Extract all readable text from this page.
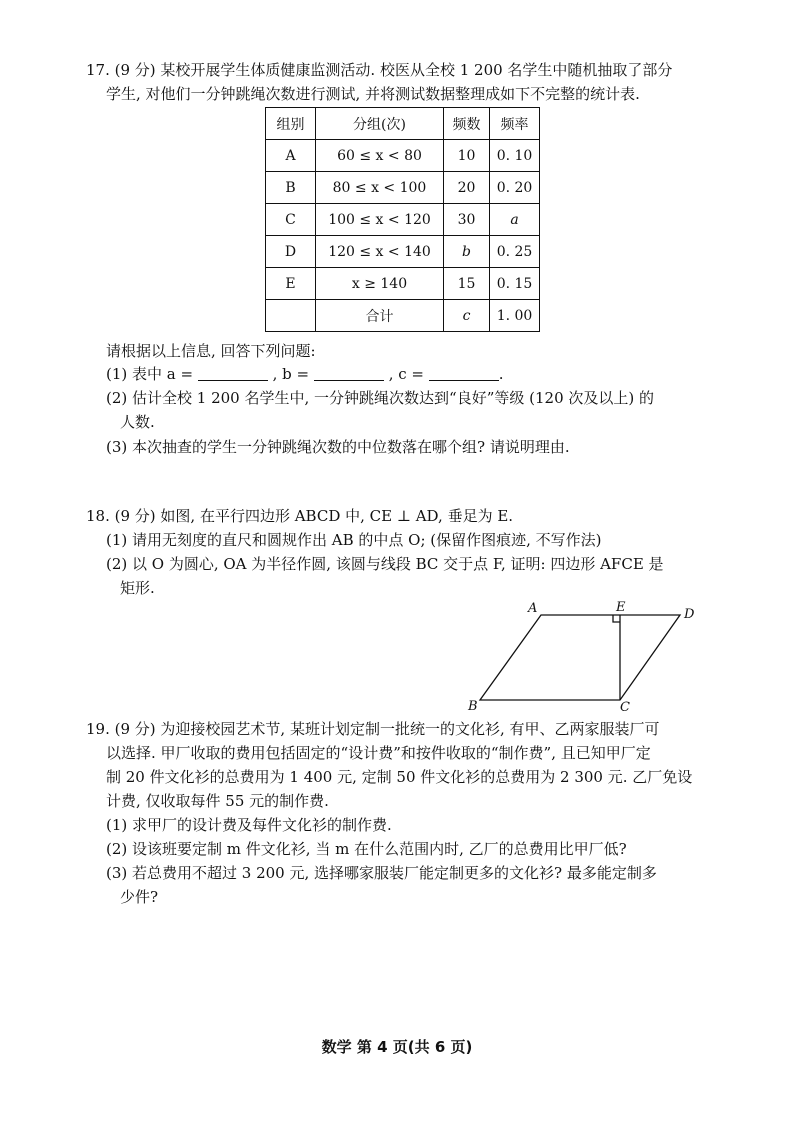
17. (9 分) 某校开展学生体质健康监测活动. 校医从全校 1 200 名学生中随机抽取了部分
学生, 对他们一分钟跳绳次数进行测试, 并将测试数据整理成如下不完整的统计表.
组别	分组(次)	频数	频率
A	60 ≤ x < 80	10	0. 10
B	80 ≤ x < 100	20	0. 20
C	100 ≤ x < 120	30	a
D	120 ≤ x < 140	b	0. 25
E	x ≥ 140	15	0. 15
	合计	c	1. 00
请根据以上信息, 回答下列问题:
(1) 表中 a =	, b =	, c =	.
(2) 估计全校 1 200 名学生中, 一分钟跳绳次数达到“良好”等级 (120 次及以上) 的
人数.
(3) 本次抽查的学生一分钟跳绳次数的中位数落在哪个组? 请说明理由.
18. (9 分) 如图, 在平行四边形 ABCD 中, CE ⊥ AD, 垂足为 E.
(1) 请用无刻度的直尺和圆规作出 AB 的中点 O; (保留作图痕迹, 不写作法)
(2) 以 O 为圆心, OA 为半径作圆, 该圆与线段 BC 交于点 F, 证明: 四边形 AFCE 是
矩形.
A	E	D
B	C
19. (9 分) 为迎接校园艺术节, 某班计划定制一批统一的文化衫, 有甲、乙两家服装厂可
以选择. 甲厂收取的费用包括固定的“设计费”和按件收取的“制作费”, 且已知甲厂定
制 20 件文化衫的总费用为 1 400 元, 定制 50 件文化衫的总费用为 2 300 元. 乙厂免设
计费, 仅收取每件 55 元的制作费.
(1) 求甲厂的设计费及每件文化衫的制作费.
(2) 设该班要定制 m 件文化衫, 当 m 在什么范围内时, 乙厂的总费用比甲厂低?
(3) 若总费用不超过 3 200 元, 选择哪家服装厂能定制更多的文化衫? 最多能定制多
少件?
数学 第 4 页(共 6 页)
